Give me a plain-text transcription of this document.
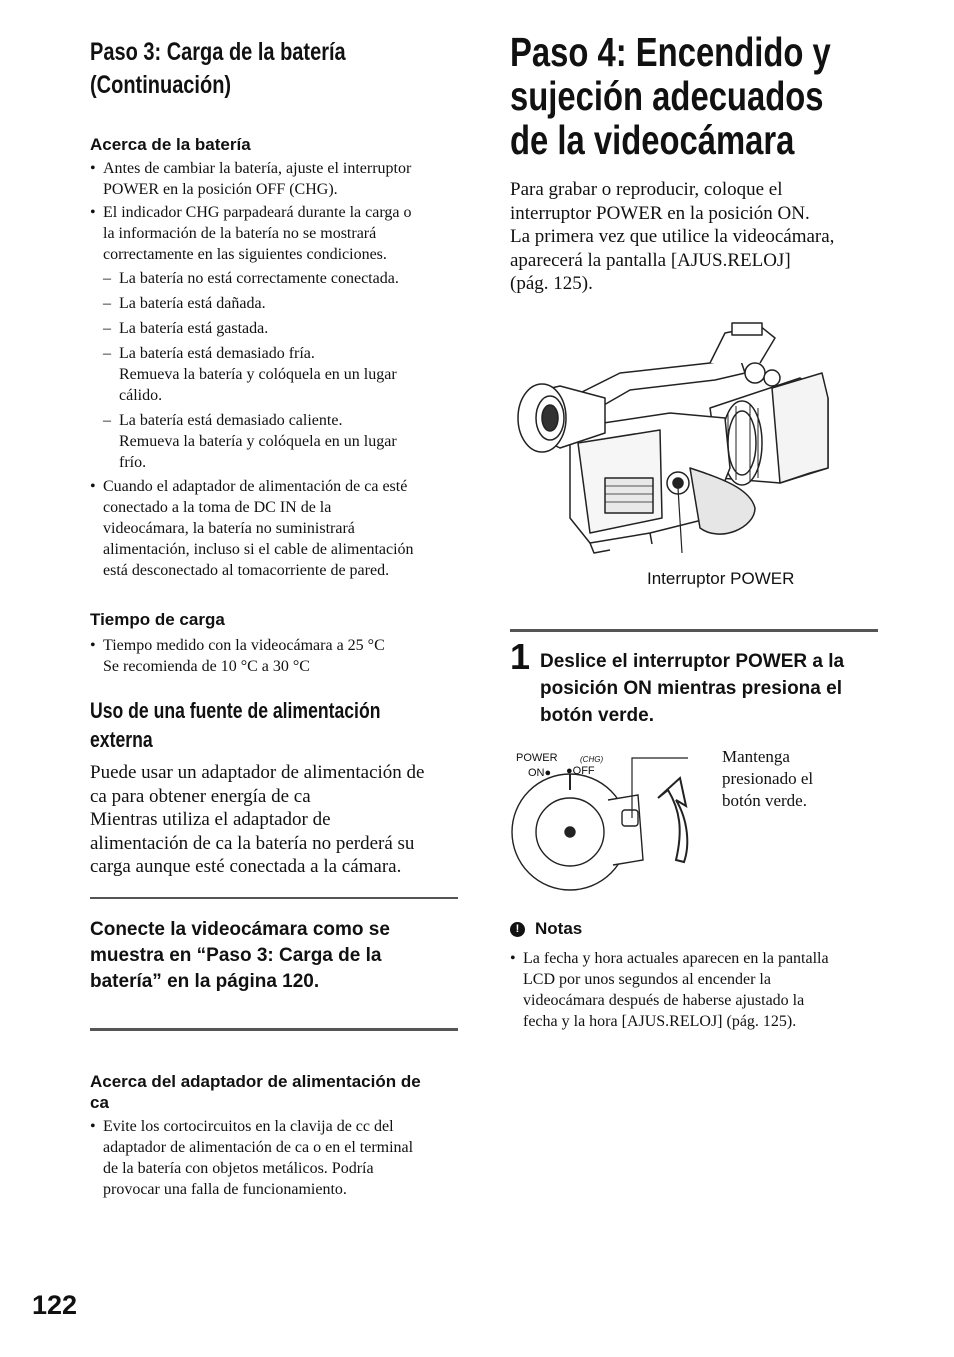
Paso 3: Carga de la batería
(Continuación)
Acerca de la batería
• Antes de cambiar la batería, ajuste el interruptor
POWER en la posición OFF (CHG).
• El indicador CHG parpadeará durante la carga o
la información de la batería no se mostrará
correctamente en las siguientes condiciones.
– La batería no está correctamente conectada.
– La batería está dañada.
– La batería está gastada.
– La batería está demasiado fría.
Remueva la batería y colóquela en un lugar
cálido.
– La batería está demasiado caliente.
Remueva la batería y colóquela en un lugar
frío.
• Cuando el adaptador de alimentación de ca esté
conectado a la toma de DC IN de la
videocámara, la batería no suministrará
alimentación, incluso si el cable de alimentación
está desconectado al tomacorriente de pared.
Tiempo de carga
• Tiempo medido con la videocámara a 25 °C
Se recomienda de 10 °C a 30 °C
Uso de una fuente de alimentación
externa
Puede usar un adaptador de alimentación de
ca para obtener energía de ca
Mientras utiliza el adaptador de
alimentación de ca la batería no perderá su
carga aunque esté conectada a la cámara.
Conecte la videocámara como se
muestra en “Paso 3: Carga de la
batería” en la página 120.
Acerca del adaptador de alimentación de
ca
• Evite los cortocircuitos en la clavija de cc del
adaptador de alimentación de ca o en el terminal
de la batería con objetos metálicos. Podría
provocar una falla de funcionamiento.
122
Paso 4: Encendido y
sujeción adecuados
de la videocámara
Para grabar o reproducir, coloque el
interruptor POWER en la posición ON.
La primera vez que utilice la videocámara,
aparecerá la pantalla [AJUS.RELOJ]
(pág. 125).
Interruptor POWER
1 Deslice el interruptor POWER a la
posición ON mientras presiona el
botón verde.
POWER	(CHG)
ON● ●OFF
Mantenga
presionado el
botón verde.
! Notas
• La fecha y hora actuales aparecen en la pantalla
LCD por unos segundos al encender la
videocámara después de haberse ajustado la
fecha y la hora [AJUS.RELOJ] (pág. 125).
